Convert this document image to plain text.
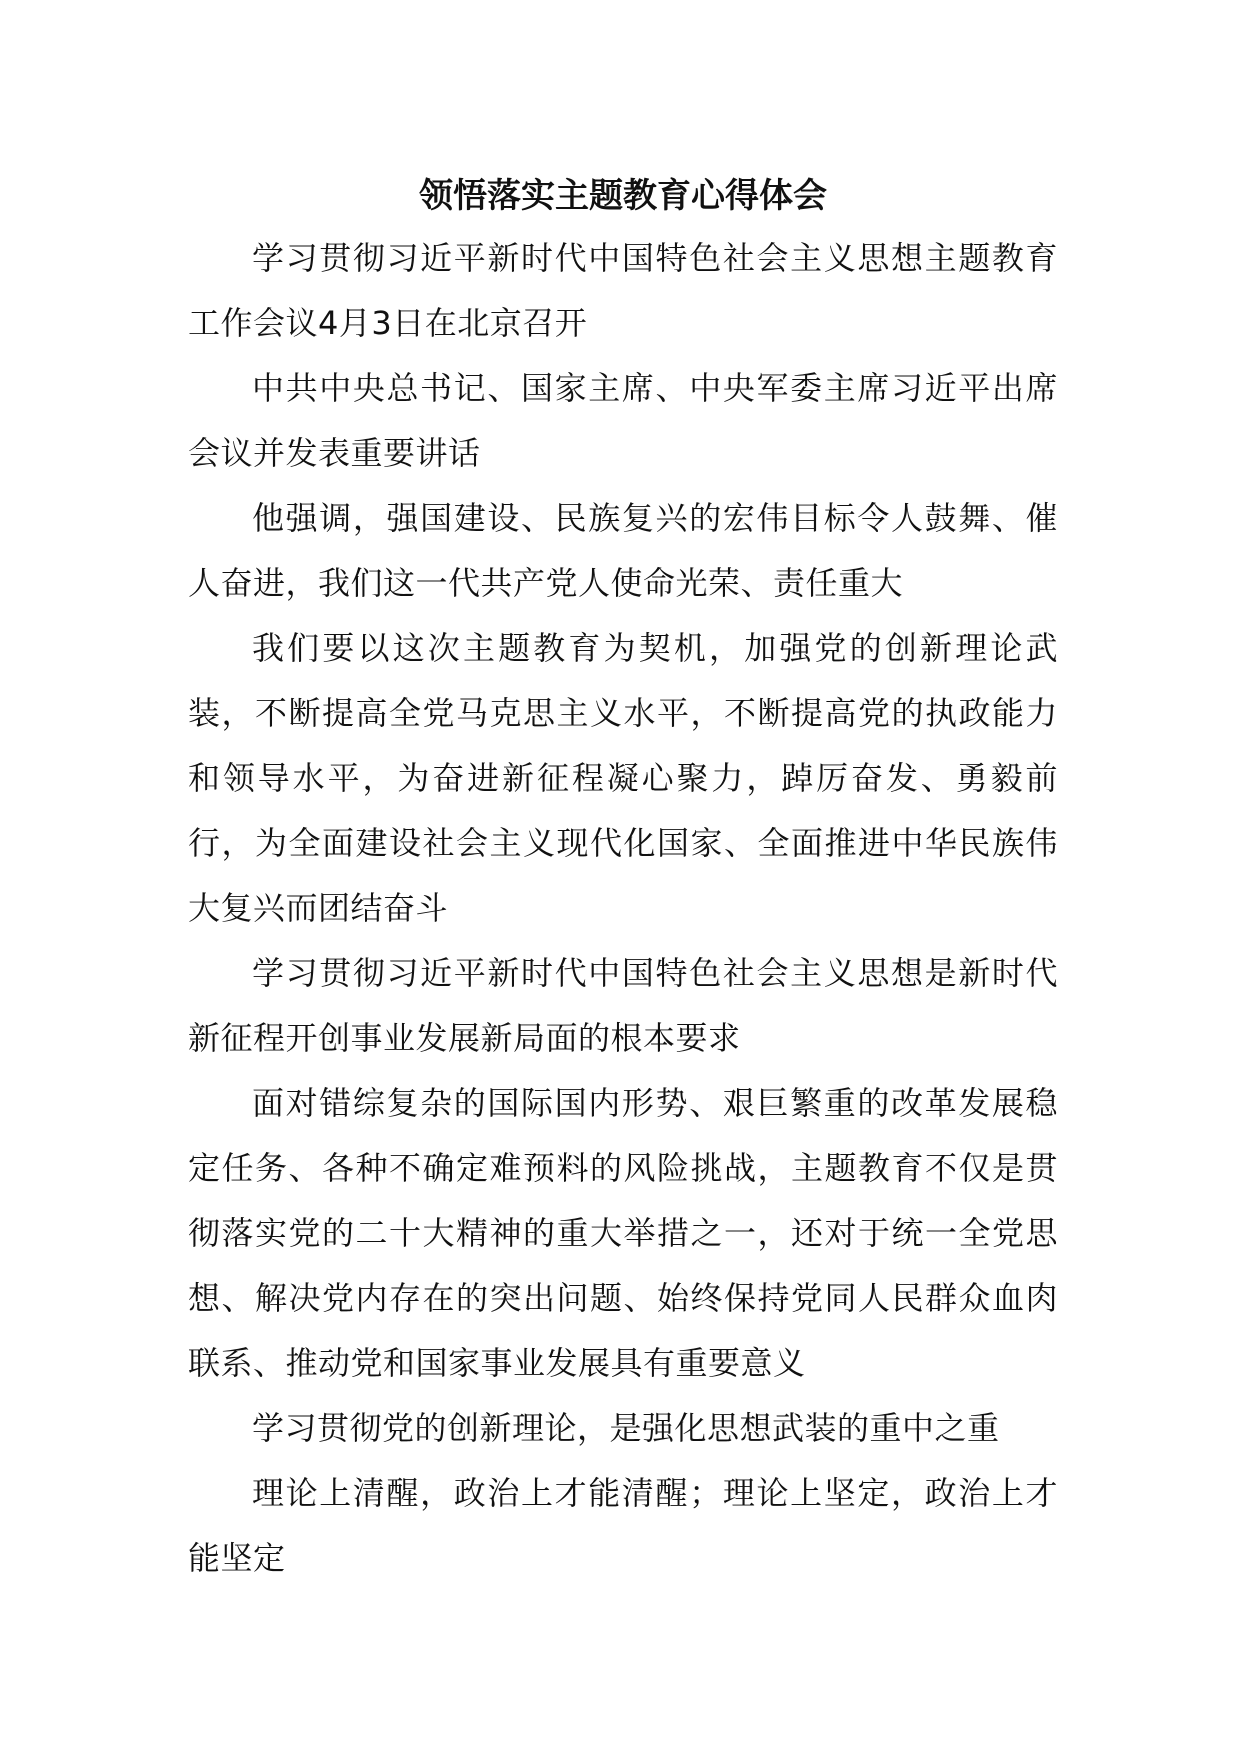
领悟落实主题教育心得体会

学习贯彻习近平新时代中国特色社会主义思想主题教育工作会议4月3日在北京召开

中共中央总书记、国家主席、中央军委主席习近平出席会议并发表重要讲话

他强调，强国建设、民族复兴的宏伟目标令人鼓舞、催人奋进，我们这一代共产党人使命光荣、责任重大

我们要以这次主题教育为契机，加强党的创新理论武装，不断提高全党马克思主义水平，不断提高党的执政能力和领导水平，为奋进新征程凝心聚力，踔厉奋发、勇毅前行，为全面建设社会主义现代化国家、全面推进中华民族伟大复兴而团结奋斗

学习贯彻习近平新时代中国特色社会主义思想是新时代新征程开创事业发展新局面的根本要求

面对错综复杂的国际国内形势、艰巨繁重的改革发展稳定任务、各种不确定难预料的风险挑战，主题教育不仅是贯彻落实党的二十大精神的重大举措之一，还对于统一全党思想、解决党内存在的突出问题、始终保持党同人民群众血肉联系、推动党和国家事业发展具有重要意义

学习贯彻党的创新理论，是强化思想武装的重中之重

理论上清醒，政治上才能清醒；理论上坚定，政治上才能坚定
